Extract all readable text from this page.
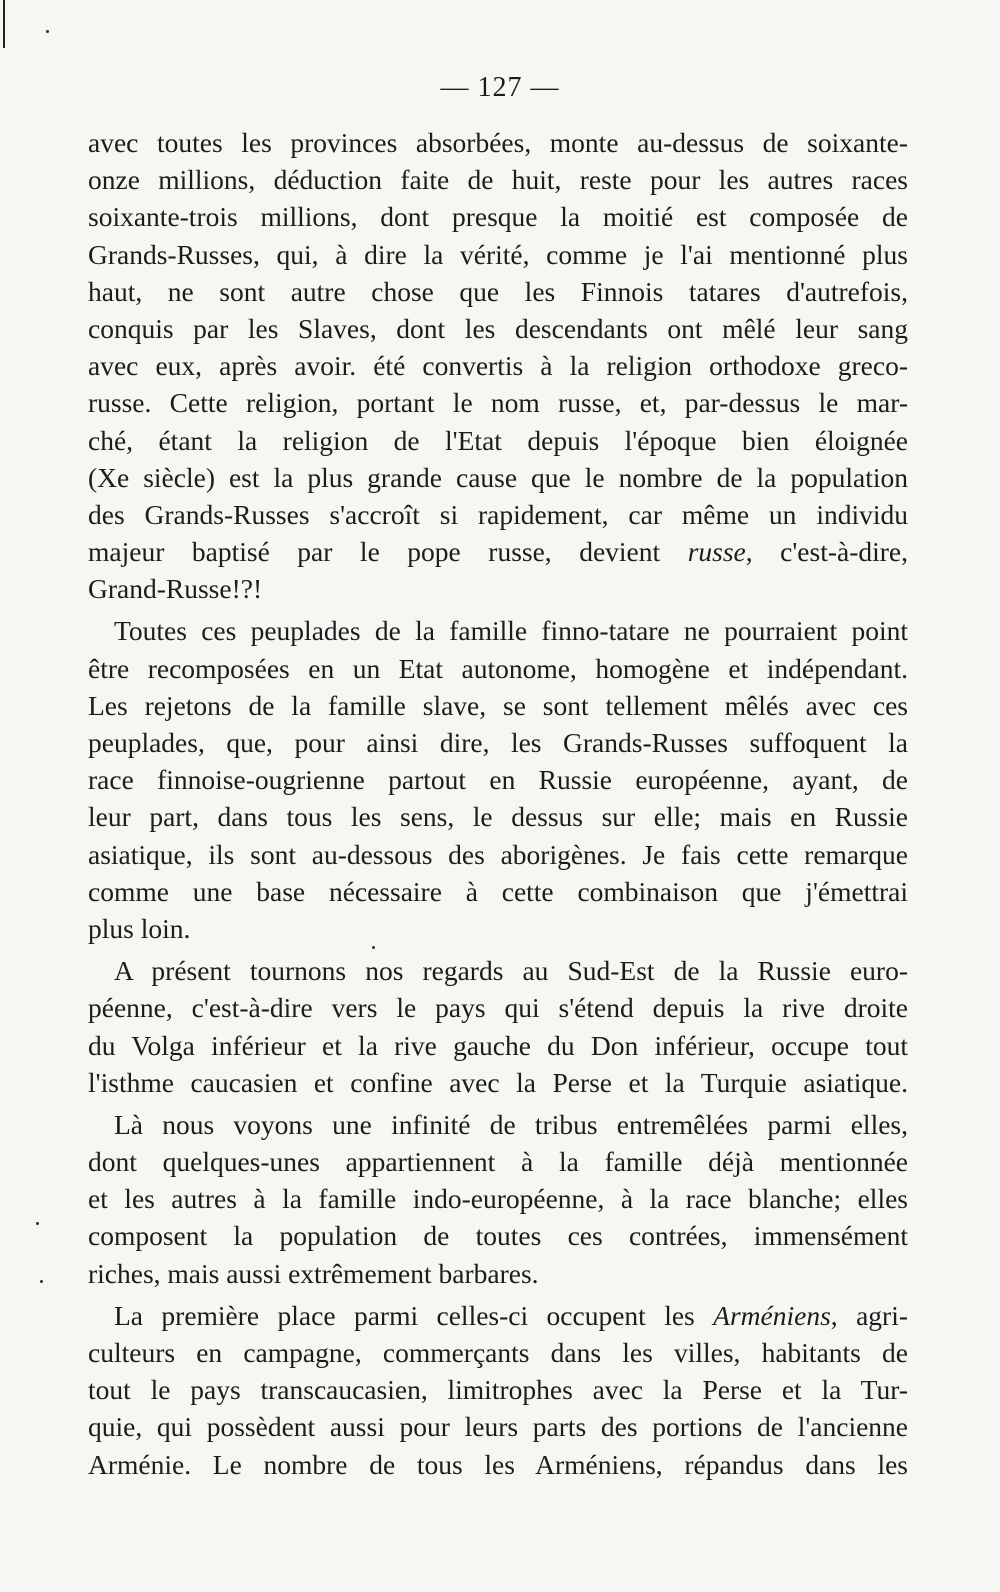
— 127 —

avec toutes les provinces absorbées, monte au-dessus de soixante-
onze millions, déduction faite de huit, reste pour les autres races
soixante-trois millions, dont presque la moitié est composée de
Grands-Russes, qui, à dire la vérité, comme je l'ai mentionné plus
haut, ne sont autre chose que les Finnois tatares d'autrefois,
conquis par les Slaves, dont les descendants ont mêlé leur sang
avec eux, après avoir. été convertis à la religion orthodoxe greco-
russe. Cette religion, portant le nom russe, et, par-dessus le mar-
ché, étant la religion de l'Etat depuis l'époque bien éloignée
(Xe siècle) est la plus grande cause que le nombre de la population
des Grands-Russes s'accroît si rapidement, car même un individu
majeur baptisé par le pope russe, devient russe, c'est-à-dire,
Grand-Russe!?!

Toutes ces peuplades de la famille finno-tatare ne pourraient point
être recomposées en un Etat autonome, homogène et indépendant.
Les rejetons de la famille slave, se sont tellement mêlés avec ces
peuplades, que, pour ainsi dire, les Grands-Russes suffoquent la
race finnoise-ougrienne partout en Russie européenne, ayant, de
leur part, dans tous les sens, le dessus sur elle; mais en Russie
asiatique, ils sont au-dessous des aborigènes. Je fais cette remarque
comme une base nécessaire à cette combinaison que j'émettrai
plus loin.

A présent tournons nos regards au Sud-Est de la Russie euro-
péenne, c'est-à-dire vers le pays qui s'étend depuis la rive droite
du Volga inférieur et la rive gauche du Don inférieur, occupe tout
l'isthme caucasien et confine avec la Perse et la Turquie asiatique.

Là nous voyons une infinité de tribus entremêlées parmi elles,
dont quelques-unes appartiennent à la famille déjà mentionnée
et les autres à la famille indo-européenne, à la race blanche; elles
composent la population de toutes ces contrées, immensément
riches, mais aussi extrêmement barbares.

La première place parmi celles-ci occupent les Arméniens, agri-
culteurs en campagne, commerçants dans les villes, habitants de
tout le pays transcaucasien, limitrophes avec la Perse et la Tur-
quie, qui possèdent aussi pour leurs parts des portions de l'ancienne
Arménie. Le nombre de tous les Arméniens, répandus dans les
